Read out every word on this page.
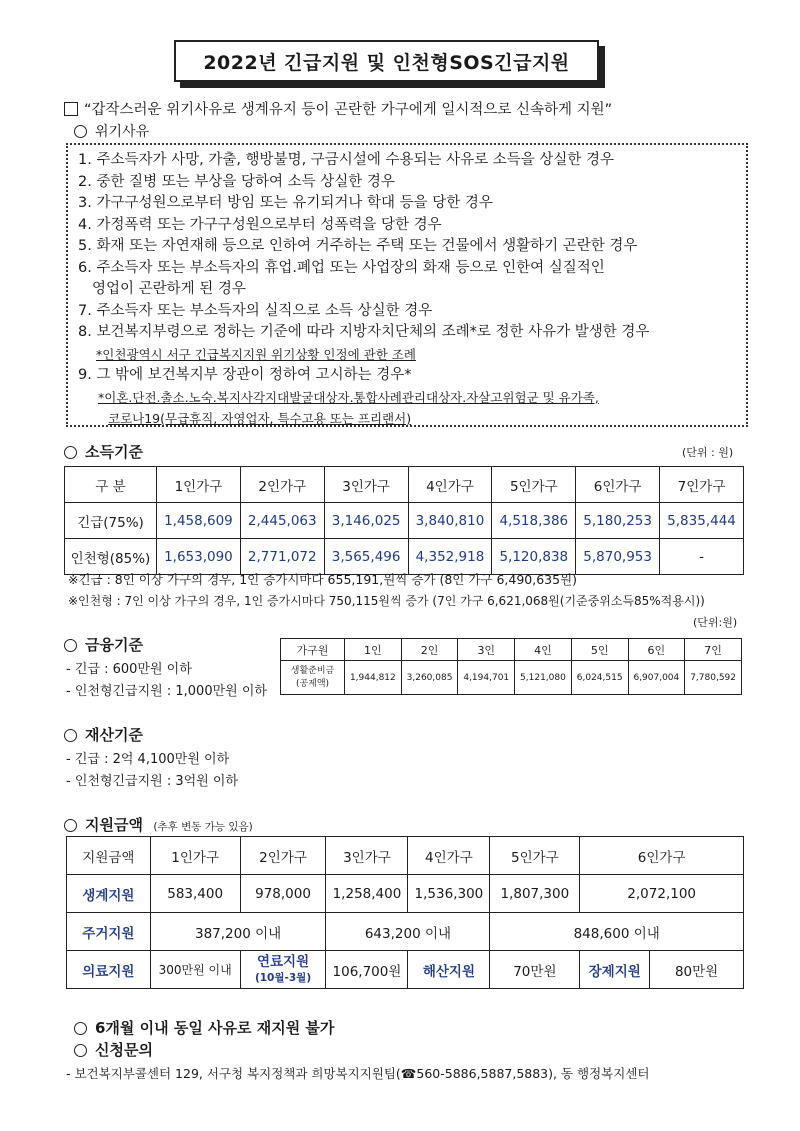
2022년 긴급지원 및 인천형SOS긴급지원
“갑작스러운 위기사유로 생계유지 등이 곤란한 가구에게 일시적으로 신속하게 지원”
위기사유
1. 주소득자가 사망, 가출, 행방불명, 구금시설에 수용되는 사유로 소득을 상실한 경우
2. 중한 질병 또는 부상을 당하여 소득 상실한 경우
3. 가구구성원으로부터 방임 또는 유기되거나 학대 등을 당한 경우
4. 가정폭력 또는 가구구성원으로부터 성폭력을 당한 경우
5. 화재 또는 자연재해 등으로 인하여 거주하는 주택 또는 건물에서 생활하기 곤란한 경우
6. 주소득자 또는 부소득자의 휴업.폐업 또는 사업장의 화재 등으로 인한여 실질적인
영업이 곤란하게 된 경우
7. 주소득자 또는 부소득자의 실직으로 소득 상실한 경우
8. 보건복지부령으로 정하는 기준에 따라 지방자치단체의 조례*로 정한 사유가 발생한 경우
*인천광역시 서구 긴급복지지원 위기상황 인정에 관한 조례
9. 그 밖에 보건복지부 장관이 정하여 고시하는 경우*
*이혼.단전.출소.노숙.복지사각지대발굴대상자.통합사례관리대상자.자살고위험군 및 유가족,
코로나19(무급휴직, 자영업자, 특수고용 또는 프리랜서)
소득기준	(단위 : 원)
구 분	1인가구	2인가구	3인가구	4인가구	5인가구	6인가구	7인가구
긴급(75%)	1,458,609	2,445,063	3,146,025	3,840,810	4,518,386	5,180,253	5,835,444
인천형(85%)	1,653,090	2,771,072	3,565,496	4,352,918	5,120,838	5,870,953	-
※긴급 : 8인 이상 가구의 경우, 1인 증가시마다 655,191,원씩 증가 (8인 가구 6,490,635원)
※인천형 : 7인 이상 가구의 경우, 1인 증가시마다 750,115원씩 증가 (7인 가구 6,621,068원(기준중위소득85%적용시))
(단위:원)
금융기준
- 긴급 : 600만원 이하
- 인천형긴급지원 : 1,000만원 이하
가구원	1인	2인	3인	4인	5인	6인	7인

생활준비금
(공제액)	1,944,812	3,260,085	4,194,701	5,121,080	6,024,515	6,907,004	7,780,592
재산기준
- 긴급 : 2억 4,100만원 이하
- 인천형긴급지원 : 3억원 이하
지원금액 (추후 변동 가능 있음)
지원금액	1인가구	2인가구	3인가구	4인가구	5인가구	6인가구	
생계지원	583,400	978,000	1,258,400	1,536,300	1,807,300	2,072,100	
주거지원	387,200 이내		643,200 이내		848,600 이내		
의료지원	300만원 이내	연료지원
(10월-3월)	106,700원	해산지원	70만원	장제지원	80만원
6개월 이내 동일 사유로 재지원 불가
신청문의
- 보건복지부콜센터 129, 서구청 복지정책과 희망복지지원팀(☎560-5886,5887,5883), 동 행정복지센터
